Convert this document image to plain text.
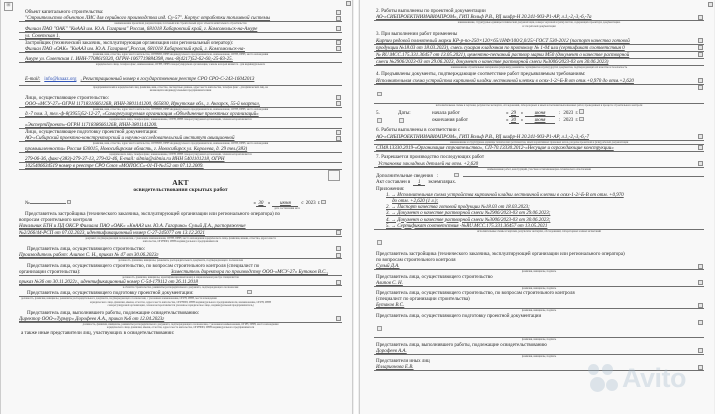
⊞
Объект капитального строительства:
"Строительство объектов ЛИС для серийного производства изд. Су-57". Корпус отработки топливной системы
наименование проектной документации, почтовый или строительный адрес объекта капитального строительства
Филиал ПАО "ОАК" "КнААЗ им. Ю.А. Гагарина" Россия, 681018 Хабаровский край, г. Комсомольск-на-Амуре
ул. Советская 1.
Застройщик (технический заказчик, эксплуатирующая организация или региональный оператор):
Филиал ПАО «ОАК» "КнААЗ им. Ю.А. Гагарина",Россия, 681018 Хабаровский край, г. Комсомольск-на-
фамилия, имя, отчество, адрес места жительства, ОГРНИП, ИНН индивидуального предпринимателя, наименование, ОГРН, ИНН, место нахождения
Амуре ул. Советская 1. ИНН-7708619320, ОГРН-1067719884398, тел.-8(4217)52-62-60,-25-83-25.
юридического лица, телефон факс, наименование, ОГРН, ИНН саморегулируемой организации, членом которой является - для индивидуального
E-mail: info@knaaz.org , Регистрационный номер в государственном реестре СРО СРО-С-243-16042013
предпринимателей и юридических лиц, фамилия, имя, отчество, паспортные данные, адрес места жительства, телефон факс - для физических лиц, не
являющихся индивидуальными предпринимателями
Лицо, осуществляющее строительство:
ООО-«МСУ-27»-ОГРН 1171831666126В, ИНН-3801141200, 665830, Иркутская обл., г. Ангарск, 55-й квартал,
фамилия, имя, отчество, адрес места жительства, ОГРНИП, ИНН индивидуального предпринимателя, наименование, ОГРН, ИНН, место нахождения
д.-7 пом. 3, тел.-ф-8(3955)52-12-27, «Саморегулируемая организация «Объединение проектных организаций»
юридического лица, телефон факс, наименование, ОГРН, ИНН саморегулируемой организации, членом которой является
«ЭкспертПроект»-ОГРН 1171838666126В, ИНН-3801141200.
Лицо, осуществляющее подготовку проектной документации:
АО-«Сибирский проектно-конструкторский и научно-исследовательский институт авиационной
фамилия, имя, отчество, адрес места жительства, ОГРНИП, ИНН индивидуального предпринимателя, наименование, ОГРН, ИНН, место нахождения
промышленности» Россия 630015, Новосибирская область, г. Новосибирск ул. Королева, д. 29 тел.(383)
юридического лица, телефон факс, наименование, ОГРН, ИНН саморегулируемой организации, членом которой является
279-06-36, факс-(383)-279-37-13, 279-02-46, E-mail: sibnia@sibnia.ru ИНН 5401101218, ОГРН
1025406634519 номер в реестре СРО Союз «МОПОСС»-01-П-№152 от 07.12.2009.
АКТ
освидетельствования скрытых работ
№	« 30 »	июня	с 2023 г.
дата составления акта
Представитель застройщика (технического заказчика, эксплуатирующей организации или регионального оператора) по
вопросам строительного контроля
Начальник БТН и ПД ОКСР Филиала ПАО «ОАК» «КнААЗ им. Ю.А. Гагарина» Сулый Д.А., распоряжение
№2/266/44-РСП от 07.02.2023, идентификационный номер С-27-245077 от 13.12.2021
документ, подтверждающий полномочия, с указанием наименования, ОГРН, ИНН, места нахождения юридического лица, фамилии, имени, отчества, адреса места
жительства, ОГРНИП, ИНН индивидуального предпринимателя
Представитель лица, осуществляющего строительство:
Производитель работ: Алипов С. Н., приказ № 47 от 30.06.2023г
должность, фамилия, инициалы, реквизиты распорядительного документа, подтверждающего полномочия
Представитель лица, осуществляющего строительство, по вопросам строительного контроля (специалист по
организации строительства):	Заместитель директора по производству ООО-«МСУ-27» Бутаков В.С.,
должность, фамилия, инициалы, идентификационный номер в национальном реестре специалистов
приказ №36 от 30.11.2022г., идентификационный номер С-54-179112 от 26.11.2018
в области строительства, реквизиты распорядительного документа, подтверждающего полномочия
Представитель лица, осуществляющего подготовку проектной документации:
должность, фамилия, инициалы, реквизиты распорядительного документа, подтверждающего полномочия, с указанием наименования, ОГРН, ИНН, места нахождения
юридического лица, фамилии, имени, отчества, адреса места жительства, ОГРНИП, ИНН индивидуального предпринимателя, наименование, ОГРН, ИНН
саморегулируемой организации, членом которой является указанное юридическое лицо, индивидуальный предприниматель)
Представитель лица, выполнившего работы, подлежащие освидетельствованию:
Директор ООО-«Турмур» Дорофеев А.А., приказ №6 от 12.04.2023г
должность, фамилия, инициалы, реквизиты распорядительного документа, подтверждающего полномочия, с указанием наименования, ОГРН, ИНН, места нахождения
юридического лица, фамилии, имени, отчества, адреса места жительства, ОГРНИП, ИНН индивидуального предпринимателя
а также иные представители лиц, участвующих в освидетельствовании:
2. Работы выполнены по проектной документации
АО-«СИБПРОЕКТНИИАВИАПРОМ», ГИП Вольф Р.В., РД шифр-Н 20.241-903-Р1-АР, л.1,-2,-3,-6,-7а
наименование, структурные единицы технической документации, номера чертежей и (или) листов, содержащих проектную документацию
и эти рабочей документации
3. При выполнении работ применены
Кирпич рядовой полнотелый марки КР-р-по-250×120×65/1НФ/100/2,0/25/-ГОСТ 530-2012 (паспорт качества готовой
продукции №18.03 от 18.03.2023), смесь сухарая кладочная по протоколу № 1-04 или (сертификат соответствия 0
№ RU.МСС.175.331.36457 от 13.05.2021), цементно-песчаный раствор марки М50 (документ о качестве растворной
смеси №2906/2023-03 от 29.06.2023, документ о качестве растворной смеси №3006/2023-03 от 30.06.2023)
наименование строительных материалов (изделий), реквизиты сертификатов и (или) других документов, подтверждающих их качество и безопасность
4. Предъявлены документы, подтверждающие соответствие работ предъявляемым требованиям:
Исполнительная схема устройства кирпичной кладки лестничной клетки в осях-1-2/-Б-В от отм.+0,970 до отм.+2,620
исполнительные схемы и чертежи, результаты экспертиз, обследований, лабораторных и иных испытаний выполненных работ, проведенных в процессе строительного контроля
5.	Даты:	начала работ	« 29 »	июня	: 2023 г.
окончания работ	« 30 »	июня	: 2023 г.
6. Работы выполнены в соответствии с
АО-«СИБПРОЕКТНИИАВИАПРОМ», ГИП Вольф Р.В., РД шифр-Н 20.241-903-Р1-АР, л.1,-2,-3,-6,-7
наименование и структурные единицы технических регламентов, иных нормативных правовых актов, разделы проектной и (или) рабочей документации
СП48.13330.2019-«Организация строительства», СП-70.13330.2012-«Несущие и ограждающие конструкции»
7. Разрешается производство последующих работ
Установка закладных деталей на отм. +2,620
наименование работ, конструкций, участков сетей инженерно-технического обеспечения
Дополнительные сведения :
Акт составлен в	1	экземплярах.
Приложения:
1. → Исполнительная схема устройства кирпичной кладки лестничной клетки в осях-1-2/-Б-В от отм. +0,970
до отм. +2,620 (1 л.);
2. → Паспорт качества готовой продукции №18.03 от 18.03.2023;
3. → Документ о качестве растворной смеси №2906/2023-03 от 29.06.2023;
4. → Документ о качестве растворной смеси №3006/2023-03 от 30.06.2023;
5. → Сертификат соответствия -№RU.МСС.175.331.36457 от 13.05.2021
исполнительные схемы и чертежи, результаты экспертиз, обследований, лабораторных и иных испытаний
Представитель застройщика (технического заказчика, эксплуатирующей организации или регионального оператора)
по вопросам строительного контроля
Сулый Д.А.
фамилия, инициалы, подпись
Представитель лица, осуществляющего строительство
Алипов С. Н.
фамилия, инициалы, подпись
Представитель лица, осуществляющего строительство, по вопросам строительного контроля
(специалист по организации строительства)
Бутаков В.С.
фамилия, инициалы, подпись
Представитель лица, осуществляющего подготовку проектной документации
фамилия, инициалы, подпись
Представитель лица, выполнившего работы, подлежащие освидетельствованию
Дорофеев А.А.
фамилия, инициалы, подпись
Представители иных лиц
Илларионова Е.В.	Avito
